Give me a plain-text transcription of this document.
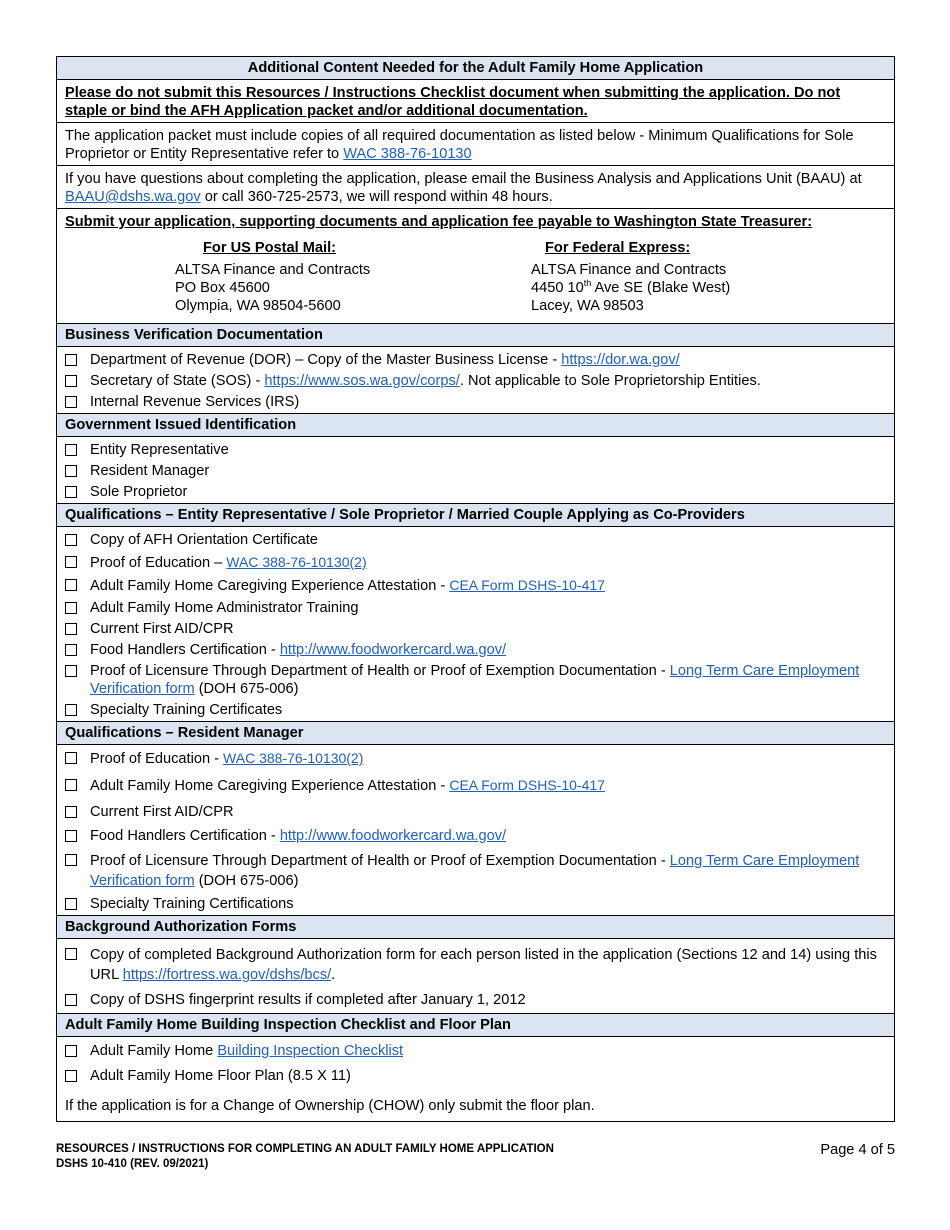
Additional Content Needed for the Adult Family Home Application
Please do not submit this Resources / Instructions Checklist document when submitting the application. Do not staple or bind the AFH Application packet and/or additional documentation.
The application packet must include copies of all required documentation as listed below - Minimum Qualifications for Sole Proprietor or Entity Representative refer to WAC 388-76-10130
If you have questions about completing the application, please email the Business Analysis and Applications Unit (BAAU) at BAAU@dshs.wa.gov or call 360-725-2573, we will respond within 48 hours.
Submit your application, supporting documents and application fee payable to Washington State Treasurer:
For US Postal Mail:
ALTSA Finance and Contracts
PO Box 45600
Olympia, WA 98504-5600
For Federal Express:
ALTSA Finance and Contracts
4450 10th Ave SE (Blake West)
Lacey, WA 98503
Business Verification Documentation
Department of Revenue (DOR) – Copy of the Master Business License - https://dor.wa.gov/
Secretary of State (SOS) - https://www.sos.wa.gov/corps/. Not applicable to Sole Proprietorship Entities.
Internal Revenue Services (IRS)
Government Issued Identification
Entity Representative
Resident Manager
Sole Proprietor
Qualifications – Entity Representative / Sole Proprietor / Married Couple Applying as Co-Providers
Copy of AFH Orientation Certificate
Proof of Education – WAC 388-76-10130(2)
Adult Family Home Caregiving Experience Attestation - CEA Form DSHS-10-417
Adult Family Home Administrator Training
Current First AID/CPR
Food Handlers Certification - http://www.foodworkercard.wa.gov/
Proof of Licensure Through Department of Health or Proof of Exemption Documentation - Long Term Care Employment Verification form (DOH 675-006)
Specialty Training Certificates
Qualifications – Resident Manager
Proof of Education - WAC 388-76-10130(2)
Adult Family Home Caregiving Experience Attestation - CEA Form DSHS-10-417
Current First AID/CPR
Food Handlers Certification - http://www.foodworkercard.wa.gov/
Proof of Licensure Through Department of Health or Proof of Exemption Documentation - Long Term Care Employment Verification form (DOH 675-006)
Specialty Training Certifications
Background Authorization Forms
Copy of completed Background Authorization form for each person listed in the application (Sections 12 and 14) using this URL https://fortress.wa.gov/dshs/bcs/.
Copy of DSHS fingerprint results if completed after January 1, 2012
Adult Family Home Building Inspection Checklist and Floor Plan
Adult Family Home Building Inspection Checklist
Adult Family Home Floor Plan (8.5 X 11)
If the application is for a Change of Ownership (CHOW) only submit the floor plan.
RESOURCES / INSTRUCTIONS FOR COMPLETING AN ADULT FAMILY HOME APPLICATION
DSHS 10-410 (REV. 09/2021)
Page 4 of 5
